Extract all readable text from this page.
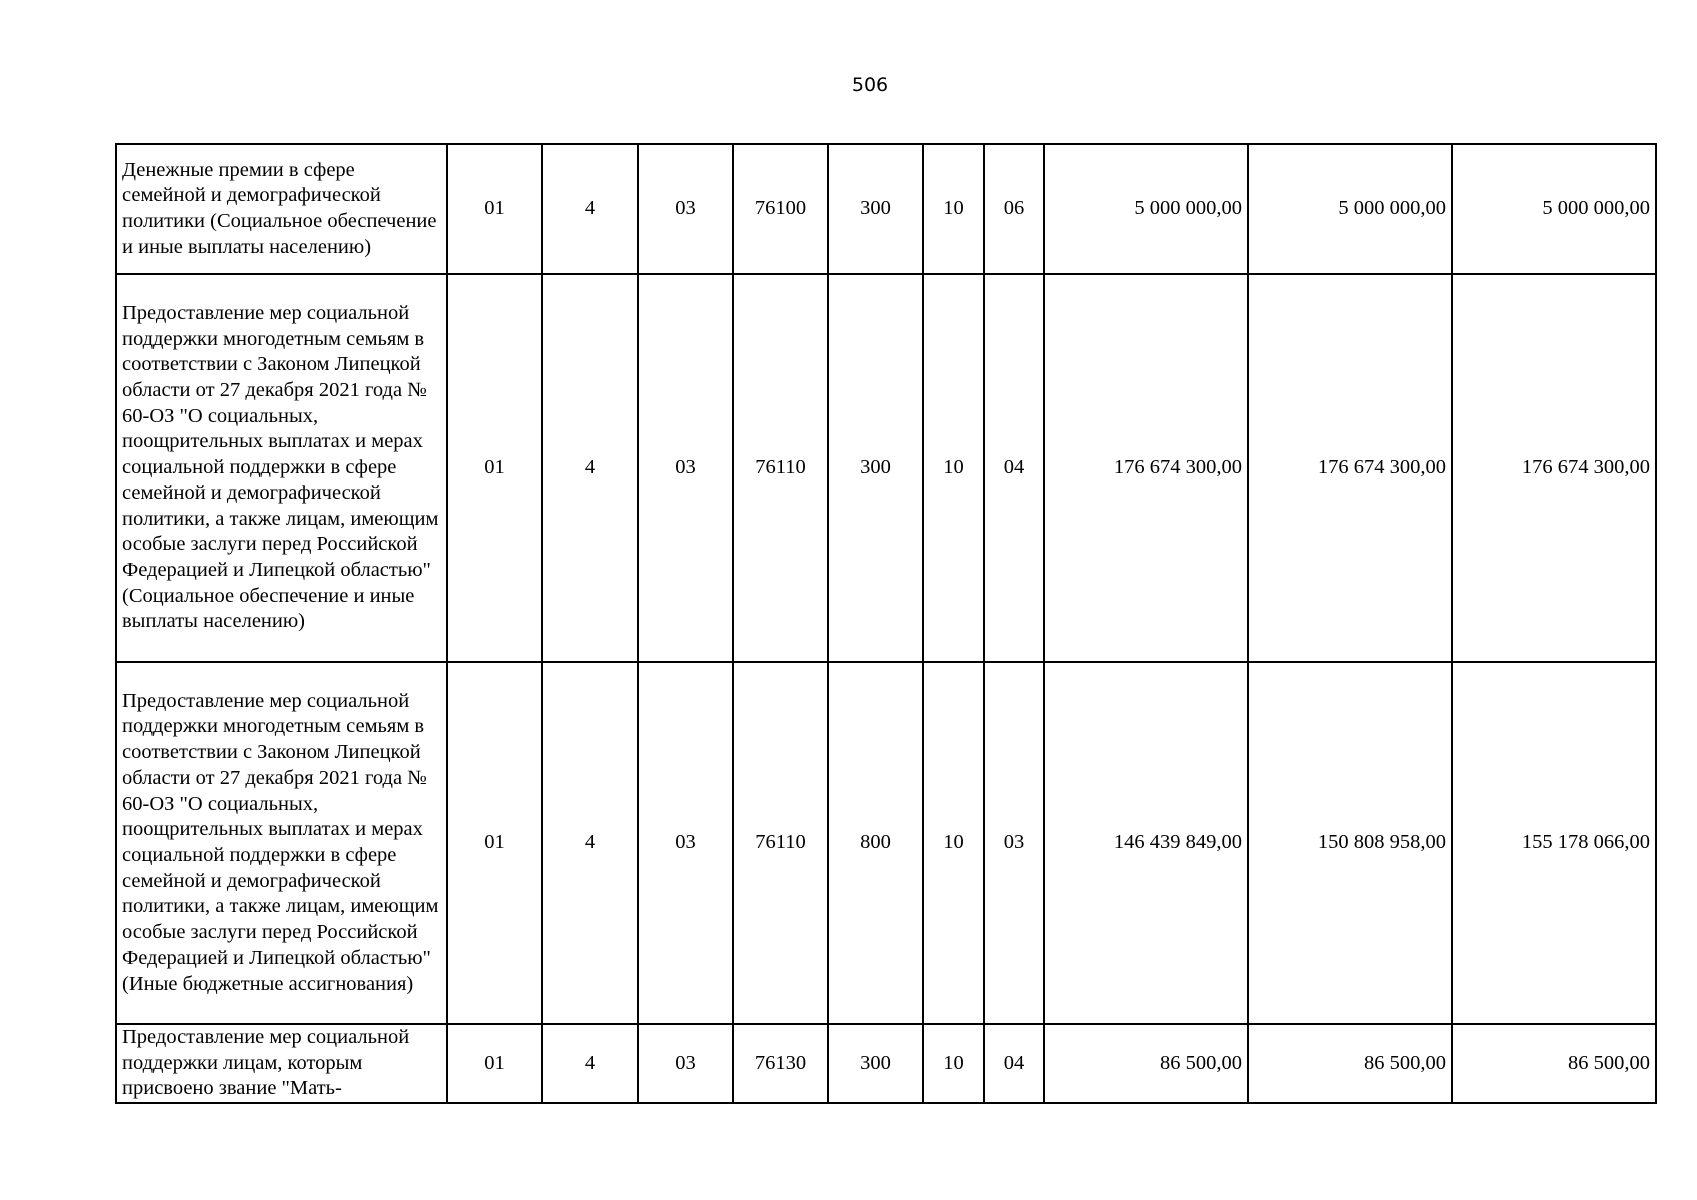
506
Денежные премии в сфере семейной и демографической политики (Социальное обеспечение и иные выплаты населению)	01	4	03	76100	300	10	06	5 000 000,00	5 000 000,00	5 000 000,00
Предоставление мер социальной поддержки многодетным семьям в соответствии с Законом Липецкой области от 27 декабря 2021 года № 60-ОЗ "О социальных, поощрительных выплатах и мерах социальной поддержки в сфере семейной и демографической политики, а также лицам, имеющим особые заслуги перед Российской Федерацией и Липецкой областью" (Социальное обеспечение и иные выплаты населению)	01	4	03	76110	300	10	04	176 674 300,00	176 674 300,00	176 674 300,00
Предоставление мер социальной поддержки многодетным семьям в соответствии с Законом Липецкой области от 27 декабря 2021 года № 60-ОЗ "О социальных, поощрительных выплатах и мерах социальной поддержки в сфере семейной и демографической политики, а также лицам, имеющим особые заслуги перед Российской Федерацией и Липецкой областью" (Иные бюджетные ассигнования)	01	4	03	76110	800	10	03	146 439 849,00	150 808 958,00	155 178 066,00
Предоставление мер социальной поддержки лицам, которым присвоено звание "Мать-	01	4	03	76130	300	10	04	86 500,00	86 500,00	86 500,00
